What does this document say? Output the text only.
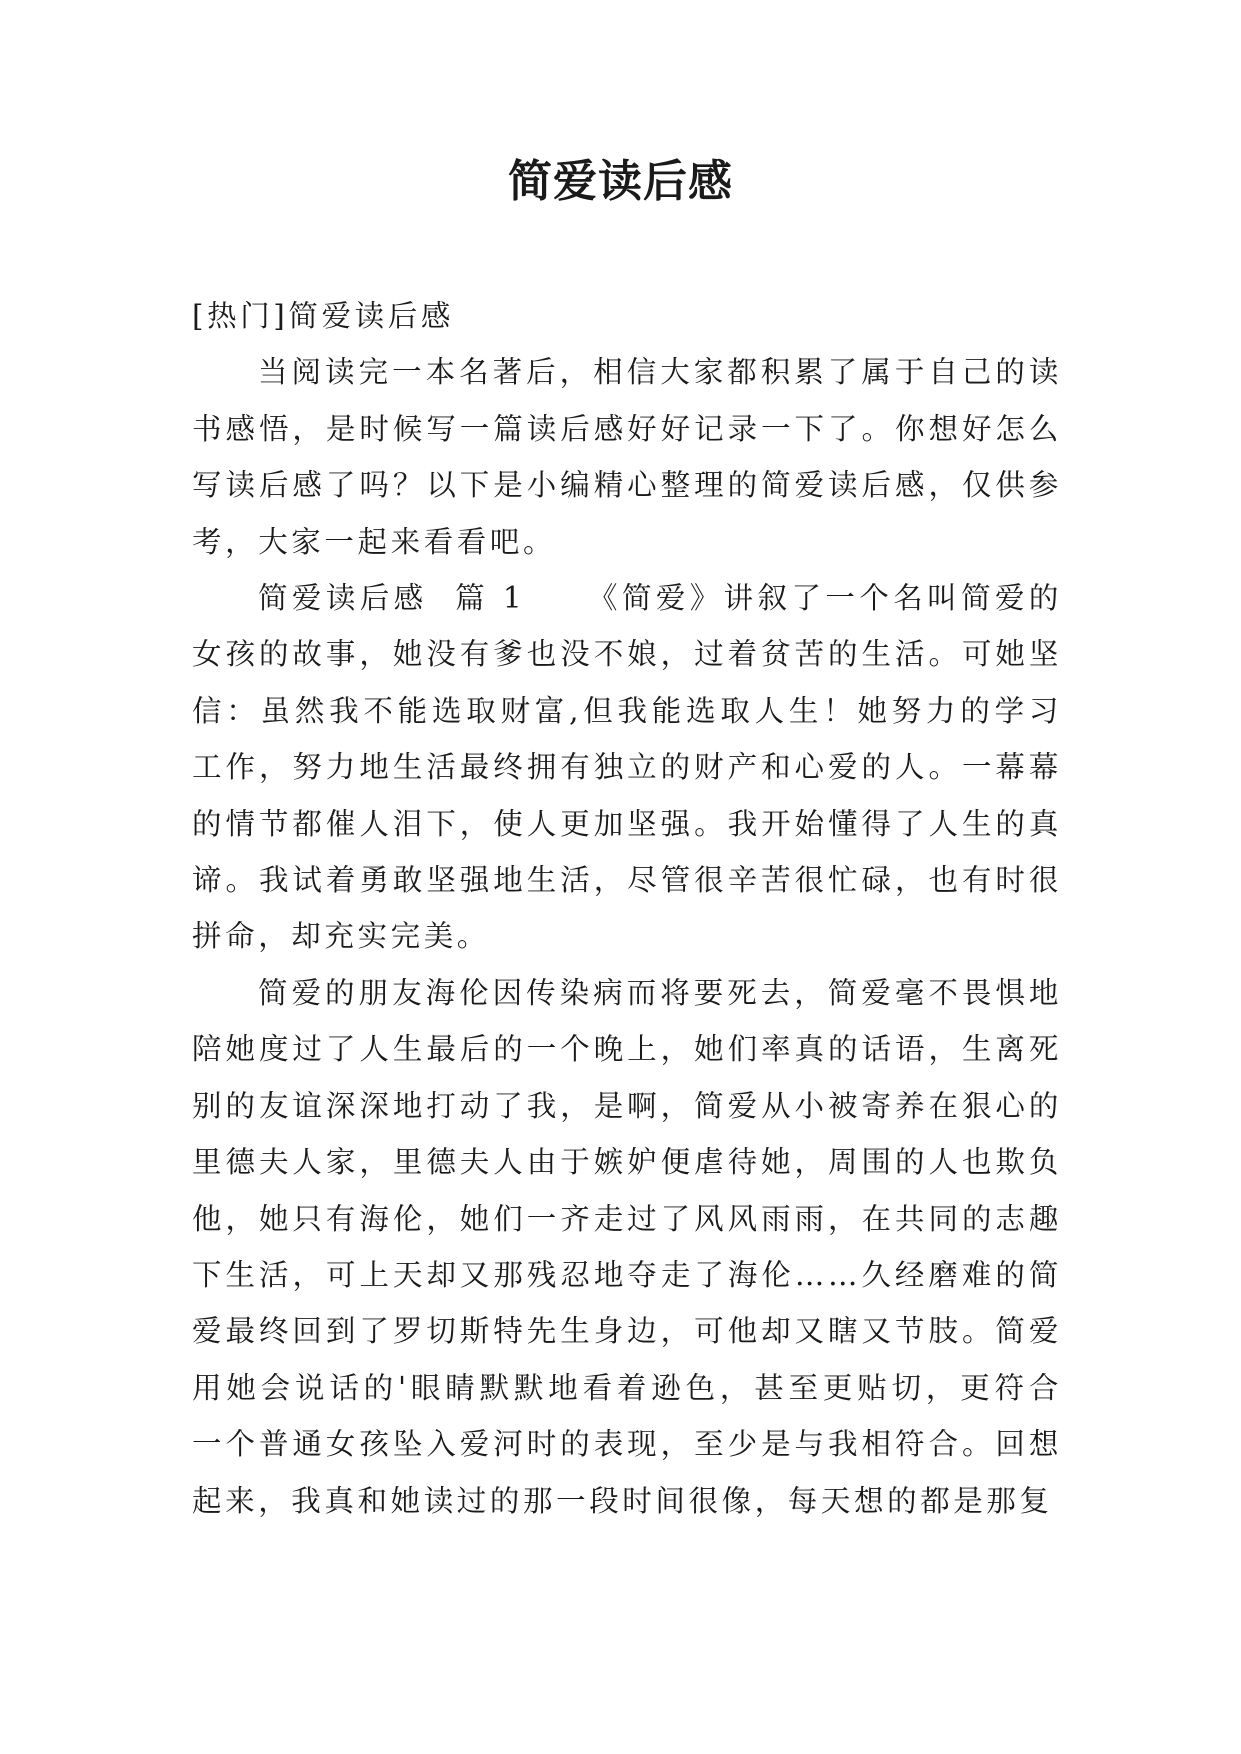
简爱读后感

[热门]简爱读后感

当阅读完一本名著后，相信大家都积累了属于自己的读书感悟，是时候写一篇读后感好好记录一下了。你想好怎么写读后感了吗？以下是小编精心整理的简爱读后感，仅供参考，大家一起来看看吧。

简爱读后感  篇 1 《简爱》讲叙了一个名叫简爱的女孩的故事，她没有爹也没不娘，过着贫苦的生活。可她坚信：虽然我不能选取财富,但我能选取人生！她努力的学习工作，努力地生活最终拥有独立的财产和心爱的人。一幕幕的情节都催人泪下，使人更加坚强。我开始懂得了人生的真谛。我试着勇敢坚强地生活，尽管很辛苦很忙碌，也有时很拼命，却充实完美。

简爱的朋友海伦因传染病而将要死去，简爱毫不畏惧地陪她度过了人生最后的一个晚上，她们率真的话语，生离死别的友谊深深地打动了我，是啊，简爱从小被寄养在狠心的里德夫人家，里德夫人由于嫉妒便虐待她，周围的人也欺负他，她只有海伦，她们一齐走过了风风雨雨，在共同的志趣下生活，可上天却又那残忍地夺走了海伦……久经磨难的简爱最终回到了罗切斯特先生身边，可他却又瞎又节肢。简爱用她会说话的'眼睛默默地看着逊色，甚至更贴切，更符合一个普通女孩坠入爱河时的表现，至少是与我相符合。回想起来，我真和她读过的那一段时间很像，每天想的都是那复
